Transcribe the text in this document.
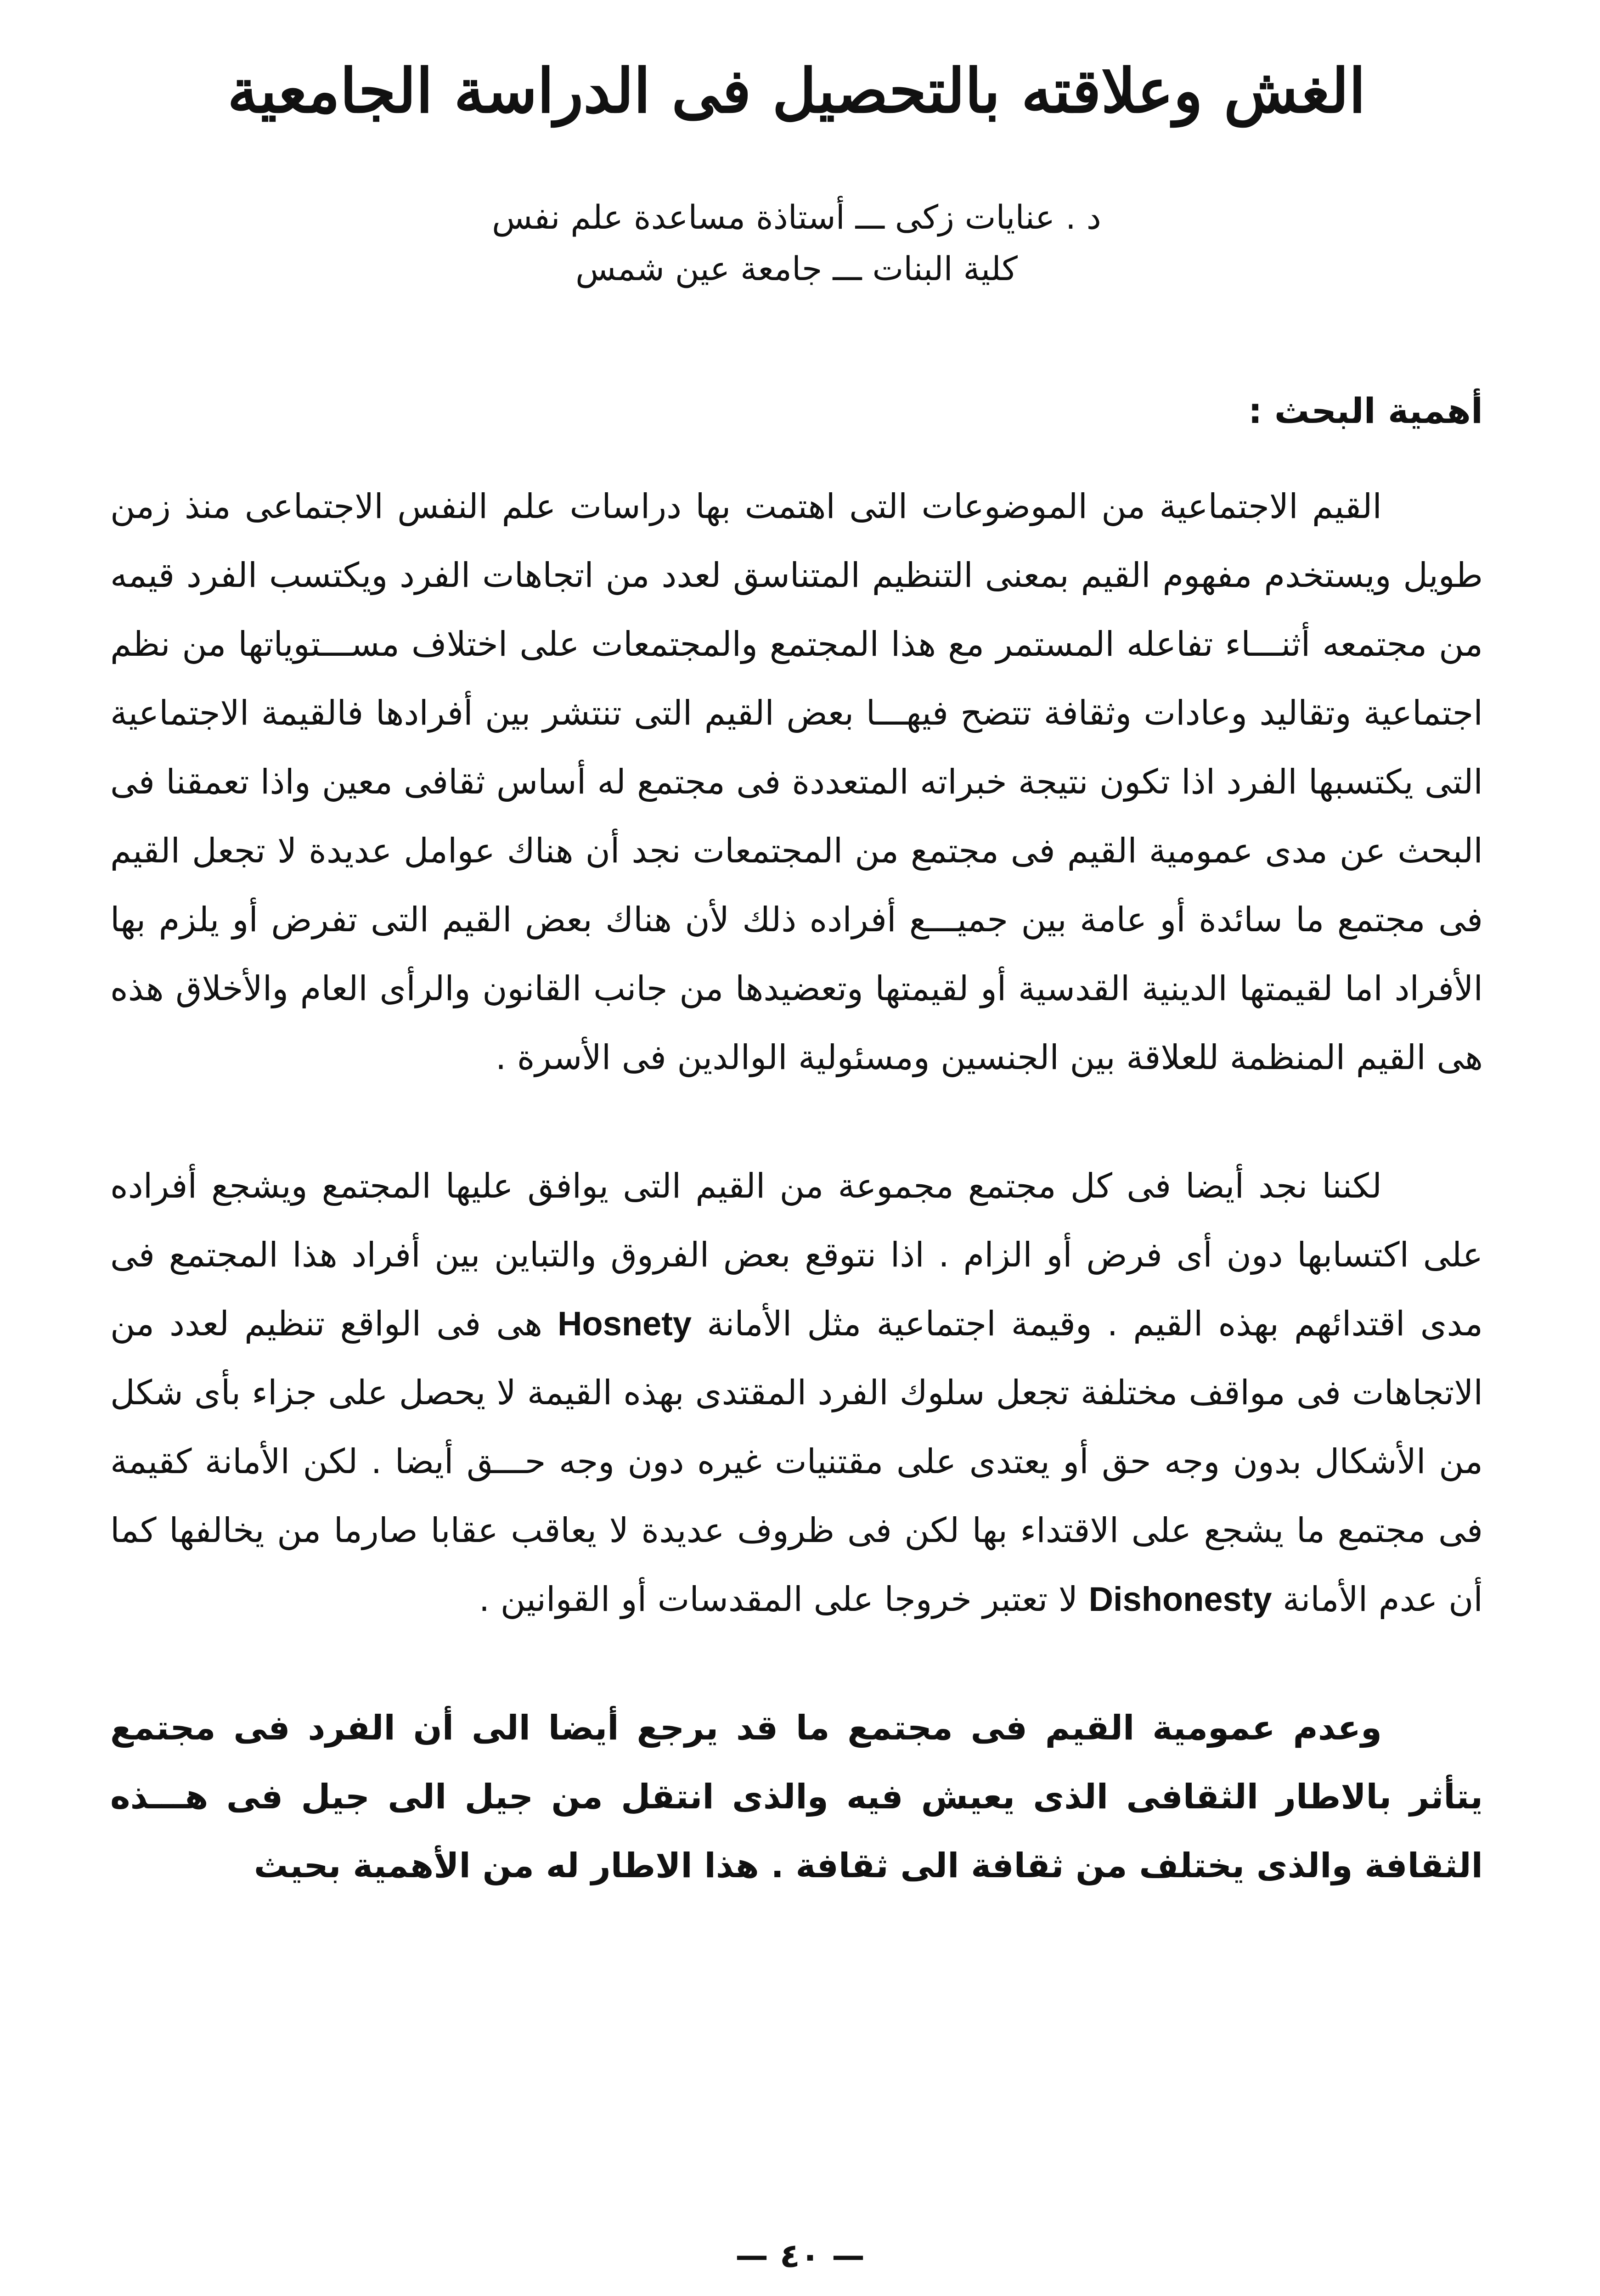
الغش وعلاقته بالتحصيل فى الدراسة الجامعية
د . عنايات زكى ـــ أستاذة مساعدة علم نفس
كلية البنات ـــ جامعة عين شمس
أهمية البحث :

القيم الاجتماعية من الموضوعات التى اهتمت بها دراسات علم النفس الاجتماعى منذ زمن طويل ويستخدم مفهوم القيم بمعنى التنظيم المتناسق لعدد من اتجاهات الفرد ويكتسب الفرد قيمه من مجتمعه أثنـــاء تفاعله المستمر مع هذا المجتمع والمجتمعات على اختلاف مســـتوياتها من نظم اجتماعية وتقاليد وعادات وثقافة تتضح فيهـــا بعض القيم التى تنتشر بين أفرادها فالقيمة الاجتماعية التى يكتسبها الفرد اذا تكون نتيجة خبراته المتعددة فى مجتمع له أساس ثقافى معين واذا تعمقنا فى البحث عن مدى عمومية القيم فى مجتمع من المجتمعات نجد أن هناك عوامل عديدة لا تجعل القيم فى مجتمع ما سائدة أو عامة بين جميـــع أفراده ذلك لأن هناك بعض القيم التى تفرض أو يلزم بها الأفراد اما لقيمتها الدينية القدسية أو لقيمتها وتعضيدها من جانب القانون والرأى العام والأخلاق هذه هى القيم المنظمة للعلاقة بين الجنسين ومسئولية الوالدين فى الأسرة .

لكننا نجد أيضا فى كل مجتمع مجموعة من القيم التى يوافق عليها المجتمع ويشجع أفراده على اكتسابها دون أى فرض أو الزام . اذا نتوقع بعض الفروق والتباين بين أفراد هذا المجتمع فى مدى اقتدائهم بهذه القيم . وقيمة اجتماعية مثل الأمانة Hosnety هى فى الواقع تنظيم لعدد من الاتجاهات فى مواقف مختلفة تجعل سلوك الفرد المقتدى بهذه القيمة لا يحصل على جزاء بأى شكل من الأشكال بدون وجه حق أو يعتدى على مقتنيات غيره دون وجه حـــق أيضا . لكن الأمانة كقيمة فى مجتمع ما يشجع على الاقتداء بها لكن فى ظروف عديدة لا يعاقب عقابا صارما من يخالفها كما أن عدم الأمانة Dishonesty لا تعتبر خروجا على المقدسات أو القوانين .

وعدم عمومية القيم فى مجتمع ما قد يرجع أيضا الى أن الفرد فى مجتمع يتأثر بالاطار الثقافى الذى يعيش فيه والذى انتقل من جيل الى جيل فى هـــذه الثقافة والذى يختلف من ثقافة الى ثقافة . هذا الاطار له من الأهمية بحيث

— ٤٠ —
